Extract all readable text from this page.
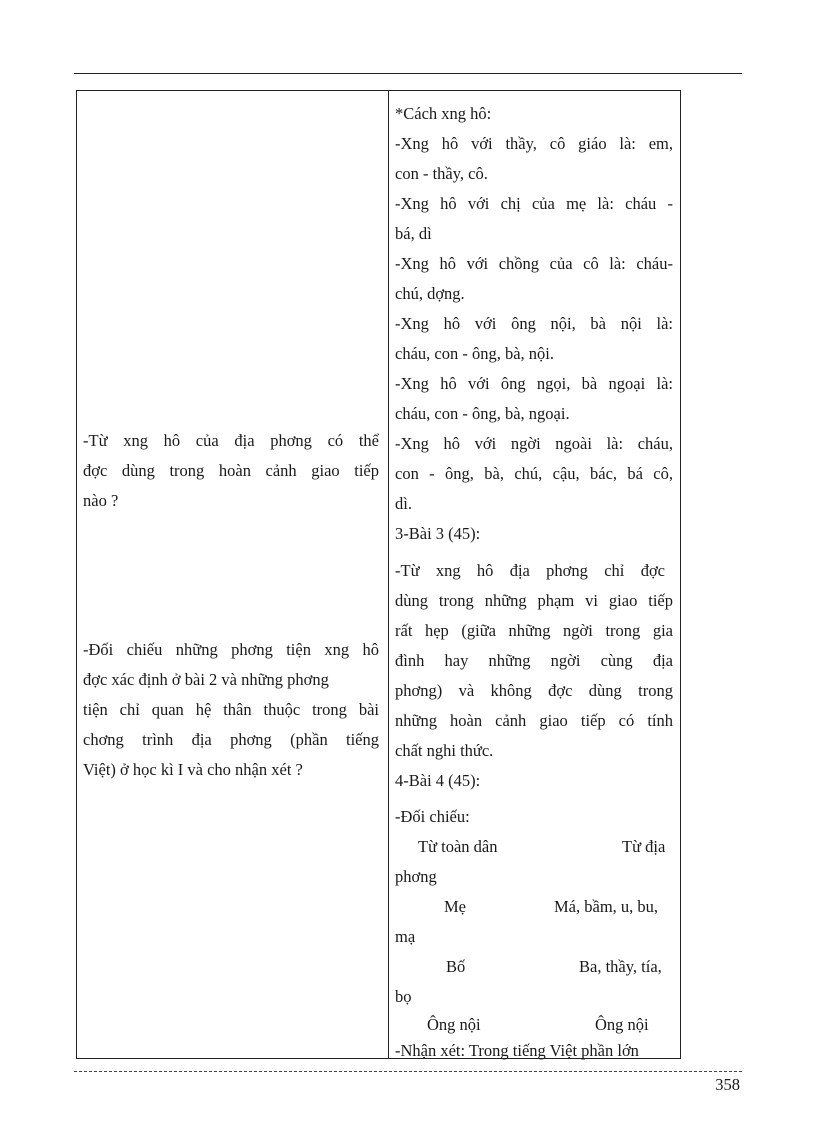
-Từ xng hô của địa phơng có thể
đợc dùng trong hoàn cảnh giao tiếp
nào ?
-Đối chiếu những phơng tiện xng hô
đợc xác định ở bài 2 và những phơng
tiện chỉ quan hệ thân thuộc trong bài
chơng trình địa phơng (phần tiếng
Việt) ở học kì I và cho nhận xét ?
*Cách xng hô:
-Xng hô với thầy, cô giáo là: em,
con - thầy, cô.
-Xng hô với chị của mẹ là: cháu -
bá, dì
-Xng hô với chồng của cô là: cháu-
chú, dợng.
-Xng hô với ông nội, bà nội là:
cháu, con - ông, bà, nội.
-Xng hô với ông ngọi, bà ngoại là:
cháu, con - ông, bà, ngoại.
-Xng hô với ngời ngoài là: cháu,
con - ông, bà, chú, cậu, bác, bá cô,
dì.
3-Bài 3 (45):
-Từ xng hô địa phơng chỉ đợc
dùng trong những phạm vi giao tiếp
rất hẹp (giữa những ngời trong gia
đình hay những ngời cùng địa
phơng) và không đợc dùng trong
những hoàn cảnh giao tiếp có tính
chất nghi thức.
4-Bài 4 (45):
-Đối chiếu:
Từ toàn dân	Từ địa
phơng
Mẹ	Má, bầm, u, bu,
mạ
Bố	Ba, thầy, tía,
bọ
Ông nội	Ông nội
-Nhận xét: Trong tiếng Việt phần lớn
358
